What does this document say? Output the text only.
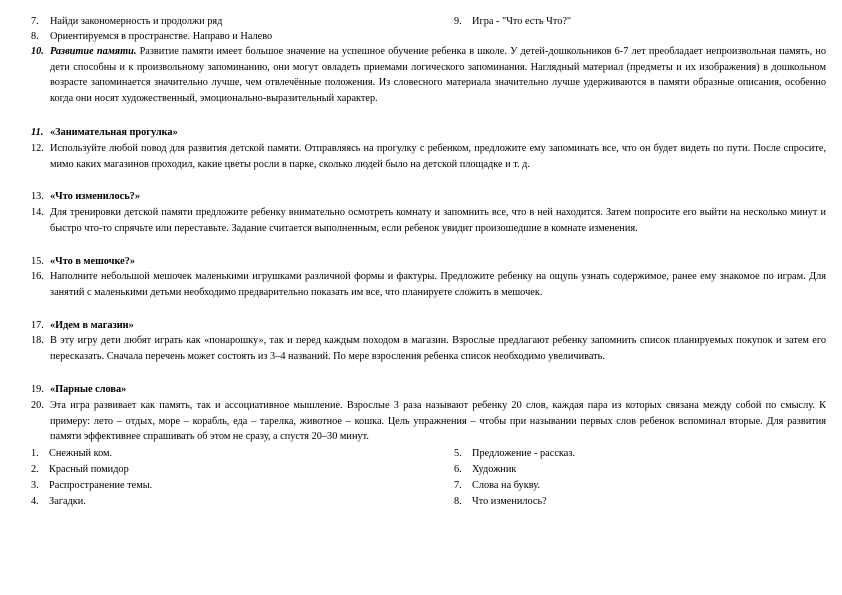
7.	Найди закономерность и продолжи ряд	9. Игра - "Что есть Что?"
8.	Ориентируемся в пространстве. Направо и Налево
10. Развитие памяти. Развитие памяти имеет большое значение на успешное обучение ребенка в школе. У детей-дошкольников 6-7 лет преобладает непроизвольная память, но дети способны и к произвольному запоминанию, они могут овладеть приемами логического запоминания. Наглядный материал (предметы и их изображения) в дошкольном возрасте запоминается значительно лучше, чем отвлечённые положения. Из словесного материала значительно лучше удерживаются в памяти образные описания, особенно когда они носят художественный, эмоционально-выразительный характер.
11. «Занимательная прогулка»
12. Используйте любой повод для развития детской памяти. Отправляясь на прогулку с ребенком, предложите ему запоминать все, что он будет видеть по пути. После спросите, мимо каких магазинов проходил, какие цветы росли в парке, сколько людей было на детской площадке и т. д.
13. «Что изменилось?»
14. Для тренировки детской памяти предложите ребенку внимательно осмотреть комнату и запомнить все, что в ней находится. Затем попросите его выйти на несколько минут и быстро что-то спрячьте или переставьте. Задание считается выполненным, если ребенок увидит произошедшие в комнате изменения.
15. «Что в мешочке?»
16. Наполните небольшой мешочек маленькими игрушками различной формы и фактуры. Предложите ребенку на ощупь узнать содержимое, ранее ему знакомое по играм. Для занятий с маленькими детьми необходимо предварительно показать им все, что планируете сложить в мешочек.
17. «Идем в магазин»
18. В эту игру дети любят играть как «понарошку», так и перед каждым походом в магазин. Взрослые предлагают ребенку запомнить список планируемых покупок и затем его пересказать. Сначала перечень может состоять из 3–4 названий. По мере взросления ребенка список необходимо увеличивать.
19. «Парные слова»
20. Эта игра развивает как память, так и ассоциативное мышление. Взрослые 3 раза называют ребенку 20 слов, каждая пара из которых связана между собой по смыслу. К примеру: лето – отдых, море – корабль, еда – тарелка, животное – кошка. Цель упражнения – чтобы при назывании первых слов ребенок вспоминал вторые. Для развития памяти эффективнее спрашивать об этом не сразу, а спустя 20–30 минут.
1. Снежный ком.
2. Красный помидор
3. Распространение темы.
4. Загадки.
5. Предложение - рассказ.
6. Художник
7. Слова на букву.
8. Что изменилось?
